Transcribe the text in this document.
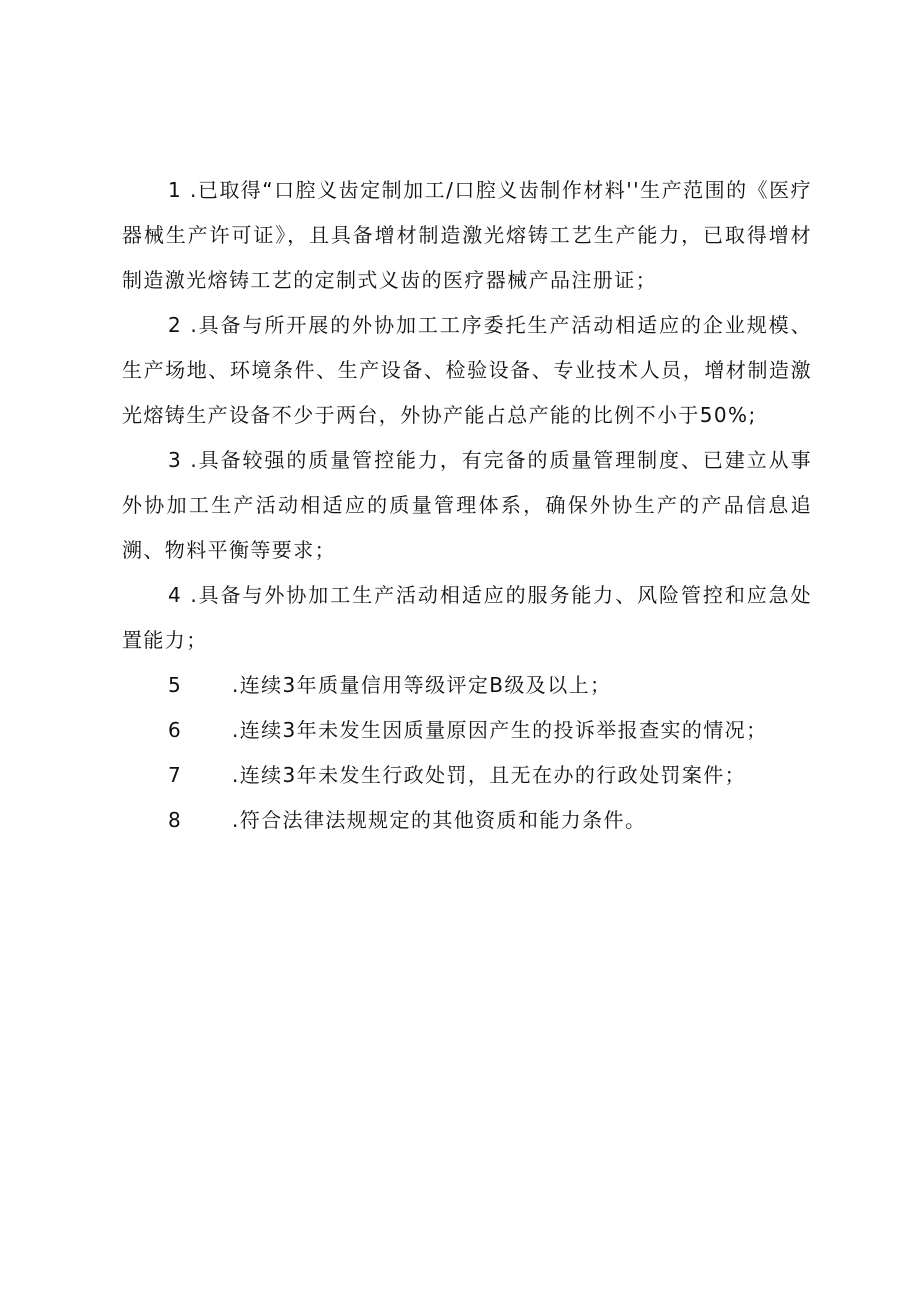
1 .已取得“口腔义齿定制加工/口腔义齿制作材料''生产范围的《医疗器械生产许可证》，且具备增材制造激光熔铸工艺生产能力，已取得增材制造激光熔铸工艺的定制式义齿的医疗器械产品注册证；

2 .具备与所开展的外协加工工序委托生产活动相适应的企业规模、生产场地、环境条件、生产设备、检验设备、专业技术人员，增材制造激光熔铸生产设备不少于两台，外协产能占总产能的比例不小于50%;

3 .具备较强的质量管控能力，有完备的质量管理制度、已建立从事外协加工生产活动相适应的质量管理体系，确保外协生产的产品信息追溯、物料平衡等要求；

4 .具备与外协加工生产活动相适应的服务能力、风险管控和应急处置能力；

5	.连续3年质量信用等级评定B级及以上；
6	.连续3年未发生因质量原因产生的投诉举报查实的情况；
7	.连续3年未发生行政处罚，且无在办的行政处罚案件；
8	.符合法律法规规定的其他资质和能力条件。
